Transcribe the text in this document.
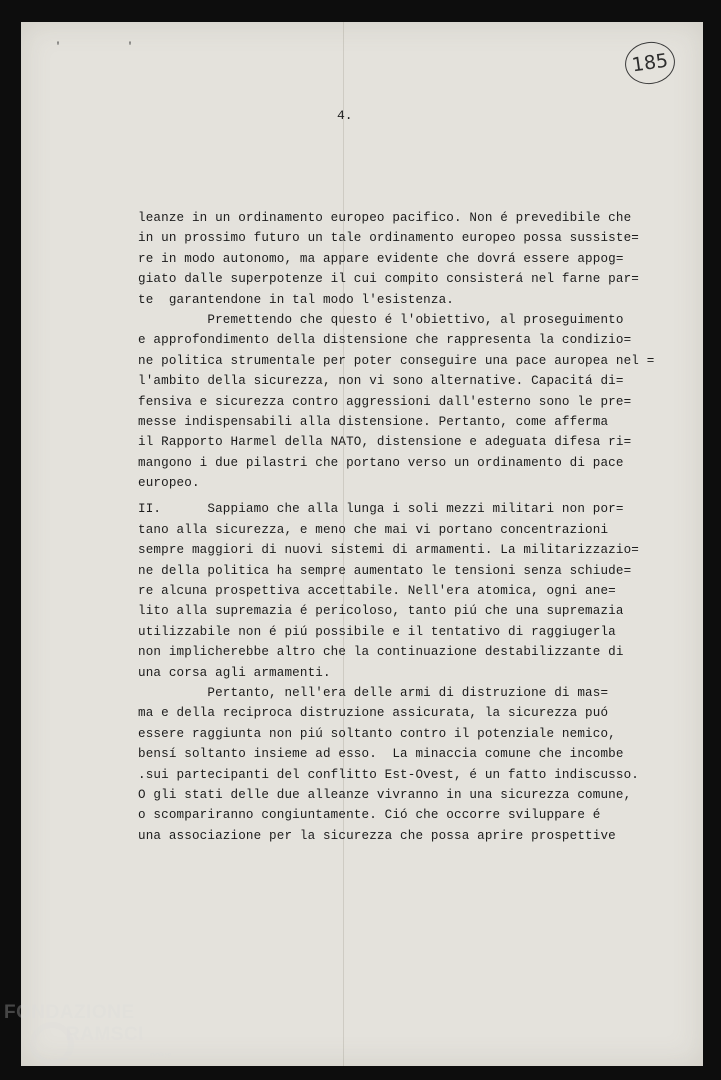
' '
185
4.
leanze in un ordinamento europeo pacifico. Non é prevedibile che
in un prossimo futuro un tale ordinamento europeo possa sussiste=
re in modo autonomo, ma appare evidente che dovrá essere appog=
giato dalle superpotenze il cui compito consisterá nel farne par=
te  garantendone in tal modo l'esistenza.
Premettendo che questo é l'obiettivo, al proseguimento
e approfondimento della distensione che rappresenta la condizio=
ne politica strumentale per poter conseguire una pace auropea nel =
l'ambito della sicurezza, non vi sono alternative. Capacitá di=
fensiva e sicurezza contro aggressioni dall'esterno sono le pre=
messe indispensabili alla distensione. Pertanto, come afferma
il Rapporto Harmel della NATO, distensione e adeguata difesa ri=
mangono i due pilastri che portano verso un ordinamento di pace
europeo.
II.      Sappiamo che alla lunga i soli mezzi militari non por=
tano alla sicurezza, e meno che mai vi portano concentrazioni
sempre maggiori di nuovi sistemi di armamenti. La militarizzazio=
ne della politica ha sempre aumentato le tensioni senza schiude=
re alcuna prospettiva accettabile. Nell'era atomica, ogni ane=
lito alla supremazia é pericoloso, tanto piú che una supremazia
utilizzabile non é piú possibile e il tentativo di raggiugerla
non implicherebbe altro che la continuazione destabilizzante di
una corsa agli armamenti.
Pertanto, nell'era delle armi di distruzione di mas=
ma e della reciproca distruzione assicurata, la sicurezza puó
essere raggiunta non piú soltanto contro il potenziale nemico,
bensí soltanto insieme ad esso.  La minaccia comune che incombe
.sui partecipanti del conflitto Est-Ovest, é un fatto indiscusso.
O gli stati delle due alleanze vivranno in una sicurezza comune,
o scompariranno congiuntamente. Ció che occorre sviluppare é
una associazione per la sicurezza che possa aprire prospettive
FONDAZIONE
RAMSCI
onlus
